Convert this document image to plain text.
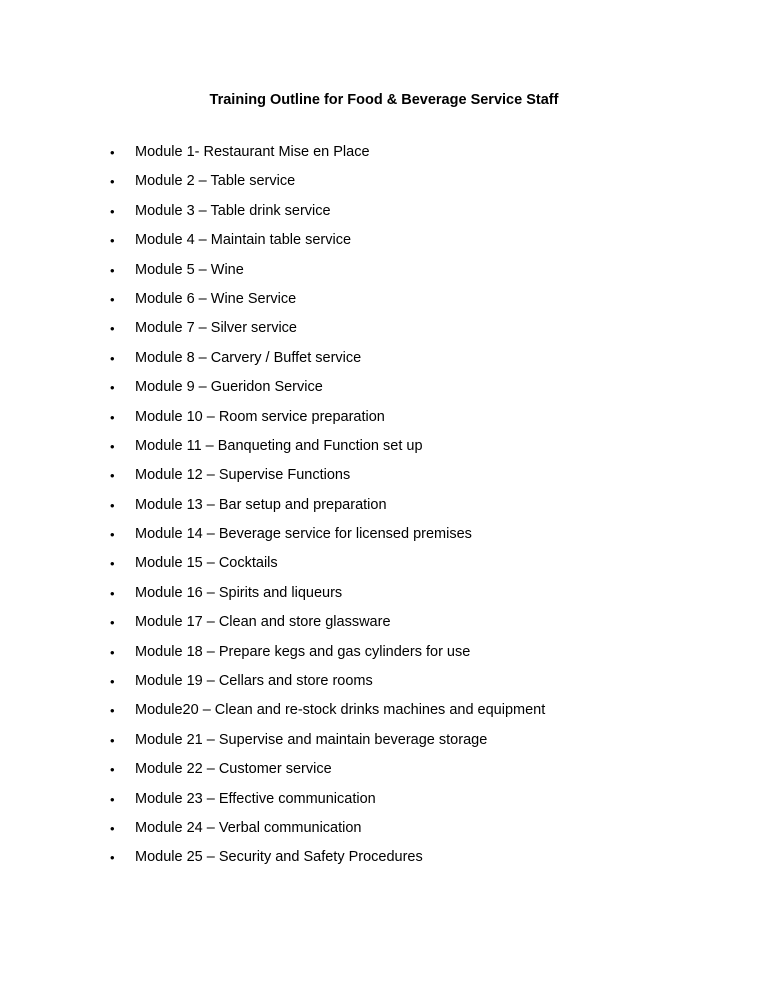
Training Outline for Food & Beverage Service Staff
•	Module 1- Restaurant Mise en Place
•	Module 2 – Table service
•	Module 3 – Table drink service
•	Module 4 – Maintain table service
•	Module 5 – Wine
•	Module 6 – Wine Service
•	Module 7 – Silver service
•	Module 8 – Carvery / Buffet service
•	Module 9 – Gueridon Service
•	Module 10 – Room service preparation
•	Module 11 – Banqueting and Function set up
•	Module 12 – Supervise Functions
•	Module 13 – Bar setup and preparation
•	Module 14 – Beverage service for licensed premises
•	Module 15 – Cocktails
•	Module 16 – Spirits and liqueurs
•	Module 17 – Clean and store glassware
•	Module 18 – Prepare kegs and gas cylinders for use
•	Module 19 – Cellars and store rooms
•	Module20 – Clean and re-stock drinks machines and equipment
•	Module 21 – Supervise and maintain beverage storage
•	Module 22 – Customer service
•	Module 23 – Effective communication
•	Module 24 – Verbal communication
•	Module 25 – Security and Safety Procedures
